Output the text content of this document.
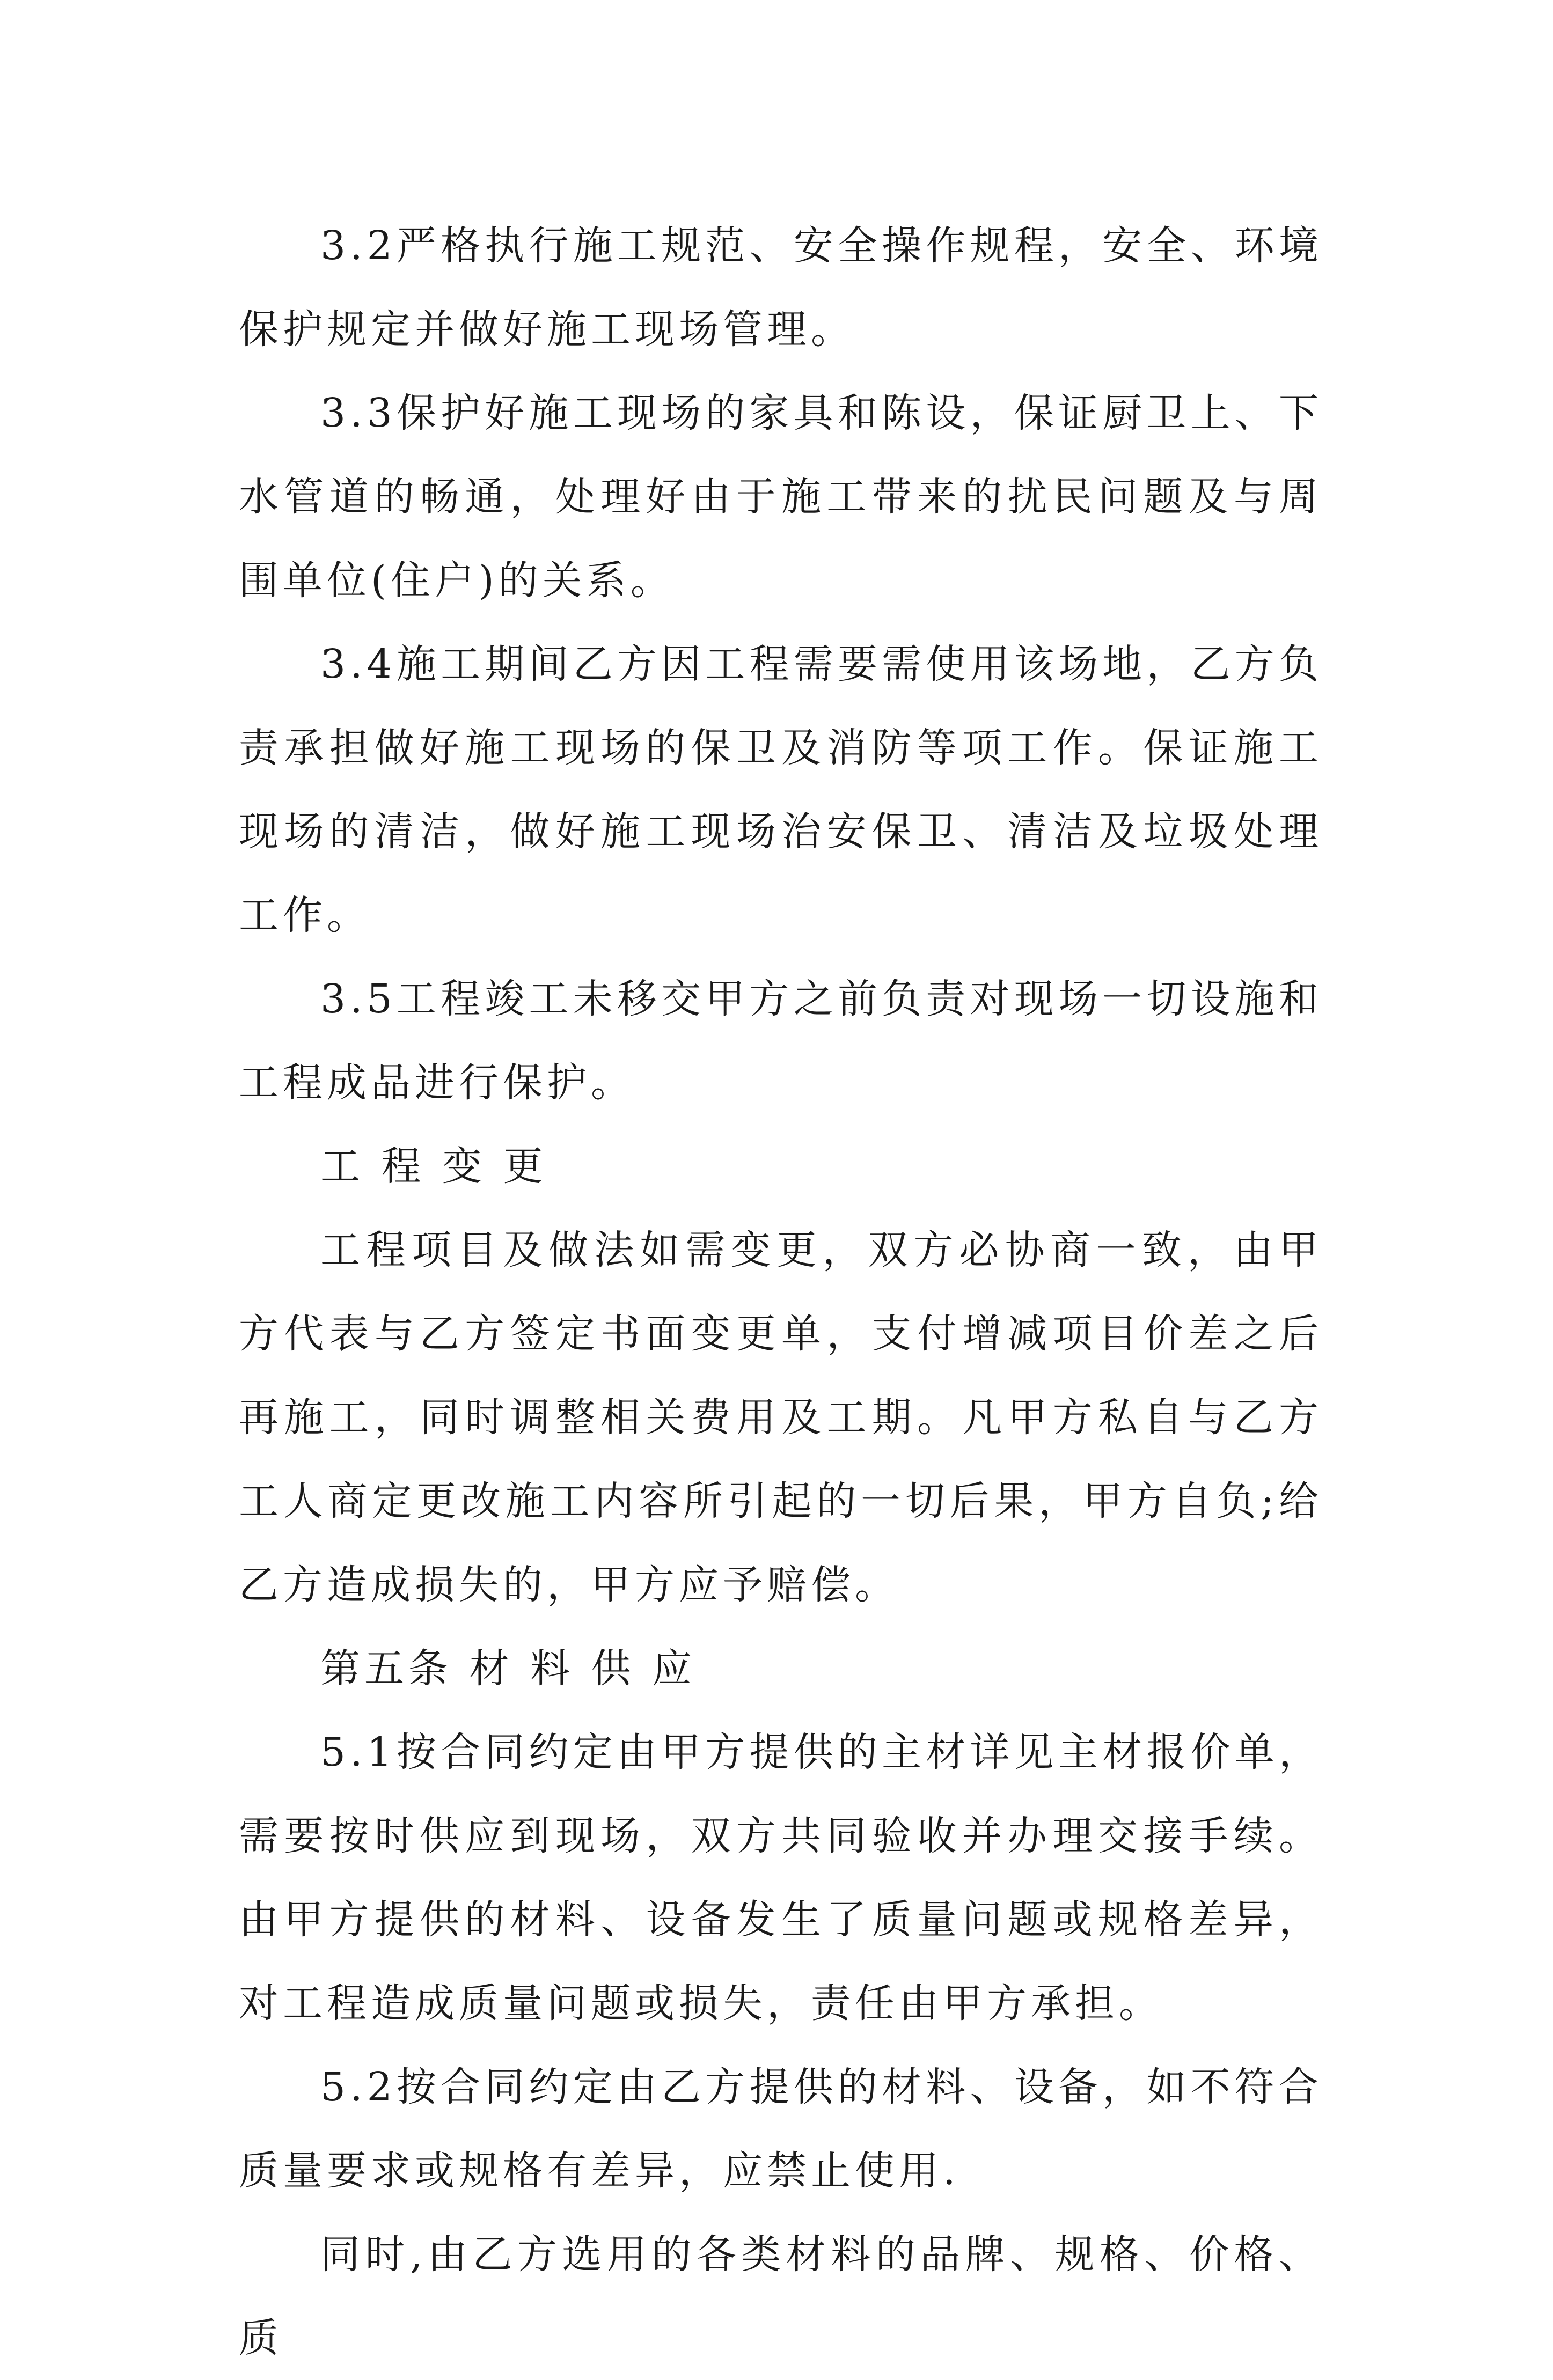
3.2严格执行施工规范、安全操作规程，安全、环境保护规定并做好施工现场管理。

3.3保护好施工现场的家具和陈设，保证厨卫上、下水管道的畅通，处理好由于施工带来的扰民问题及与周围单位(住户)的关系。

3.4施工期间乙方因工程需要需使用该场地，乙方负责承担做好施工现场的保卫及消防等项工作。保证施工现场的清洁，做好施工现场治安保卫、清洁及垃圾处理工作。

3.5工程竣工未移交甲方之前负责对现场一切设施和工程成品进行保护。

工 程 变 更

工程项目及做法如需变更，双方必协商一致，由甲方代表与乙方签定书面变更单，支付增减项目价差之后再施工，同时调整相关费用及工期。凡甲方私自与乙方工人商定更改施工内容所引起的一切后果，甲方自负;给乙方造成损失的，甲方应予赔偿。

第五条 材 料 供 应

5.1按合同约定由甲方提供的主材详见主材报价单，需要按时供应到现场，双方共同验收并办理交接手续。由甲方提供的材料、设备发生了质量问题或规格差异，对工程造成质量问题或损失，责任由甲方承担。

5.2按合同约定由乙方提供的材料、设备，如不符合质量要求或规格有差异，应禁止使用.

同时,由乙方选用的各类材料的品牌、规格、价格、质
